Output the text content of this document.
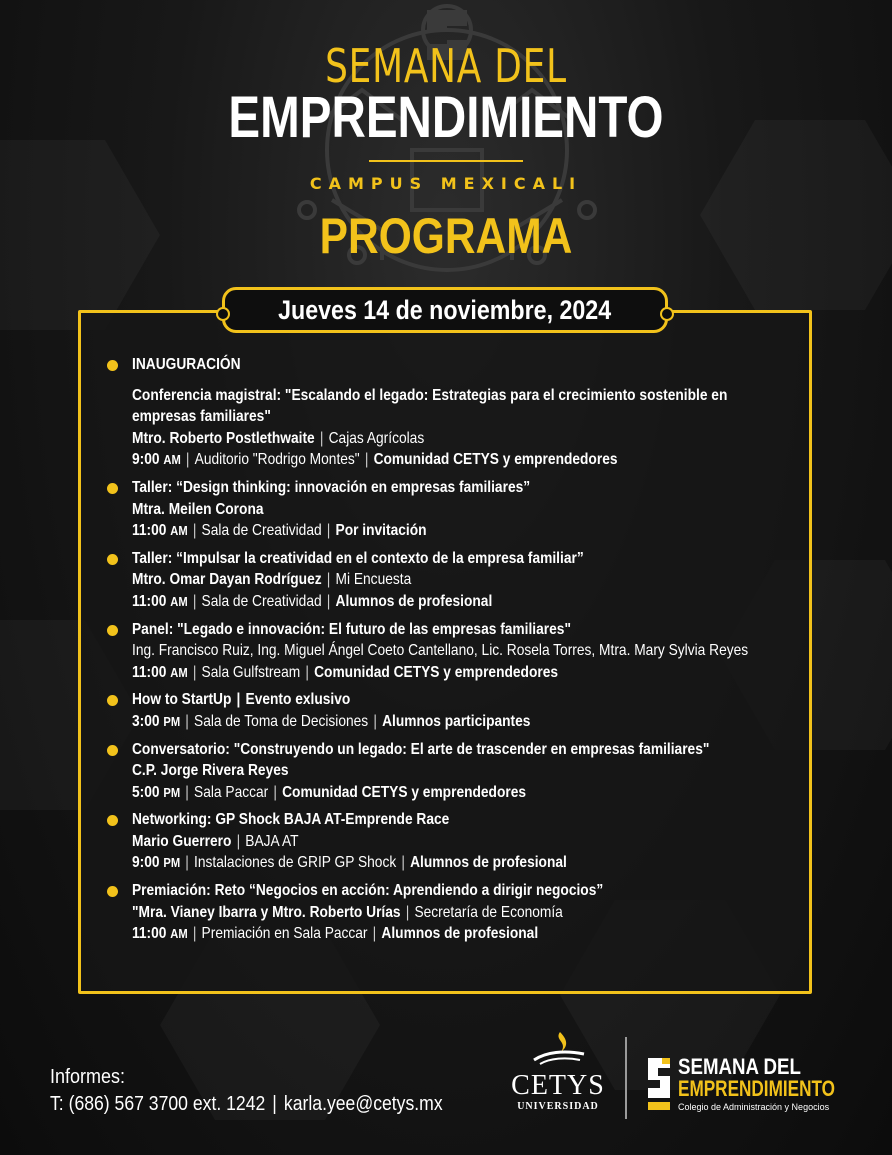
SEMANA DEL
EMPRENDIMIENTO
CAMPUS MEXICALI
PROGRAMA
Jueves 14 de noviembre, 2024
INAUGURACIÓN
Conferencia magistral: "Escalando el legado: Estrategias para el crecimiento sostenible en empresas familiares"
Mtro. Roberto Postlethwaite | Cajas Agrícolas
9:00 AM | Auditorio "Rodrigo Montes" | Comunidad CETYS y emprendedores
Taller: “Design thinking: innovación en empresas familiares”
Mtra. Meilen Corona
11:00 AM | Sala de Creatividad | Por invitación
Taller: “Impulsar la creatividad en el contexto de la empresa familiar”
Mtro. Omar Dayan Rodríguez | Mi Encuesta
11:00 AM | Sala de Creatividad | Alumnos de profesional
Panel: "Legado e innovación: El futuro de las empresas familiares"
Ing. Francisco Ruiz, Ing. Miguel Ángel Coeto Cantellano, Lic. Rosela Torres, Mtra. Mary Sylvia Reyes
11:00 AM | Sala Gulfstream | Comunidad CETYS y emprendedores
How to StartUp | Evento exlusivo
3:00 PM | Sala de Toma de Decisiones | Alumnos participantes
Conversatorio: "Construyendo un legado: El arte de trascender en empresas familiares"
C.P. Jorge Rivera Reyes
5:00 PM | Sala Paccar | Comunidad CETYS y emprendedores
Networking: GP Shock BAJA AT-Emprende Race
Mario Guerrero | BAJA AT
9:00 PM | Instalaciones de GRIP GP Shock | Alumnos de profesional
Premiación: Reto “Negocios en acción: Aprendiendo a dirigir negocios”
"Mra. Vianey Ibarra y Mtro. Roberto Urías | Secretaría de Economía
11:00 AM | Premiación en Sala Paccar | Alumnos de profesional
Informes:
T: (686) 567 3700 ext. 1242 | karla.yee@cetys.mx
CETYS
UNIVERSIDAD
SEMANA DEL
EMPRENDIMIENTO
Colegio de Administración y Negocios
